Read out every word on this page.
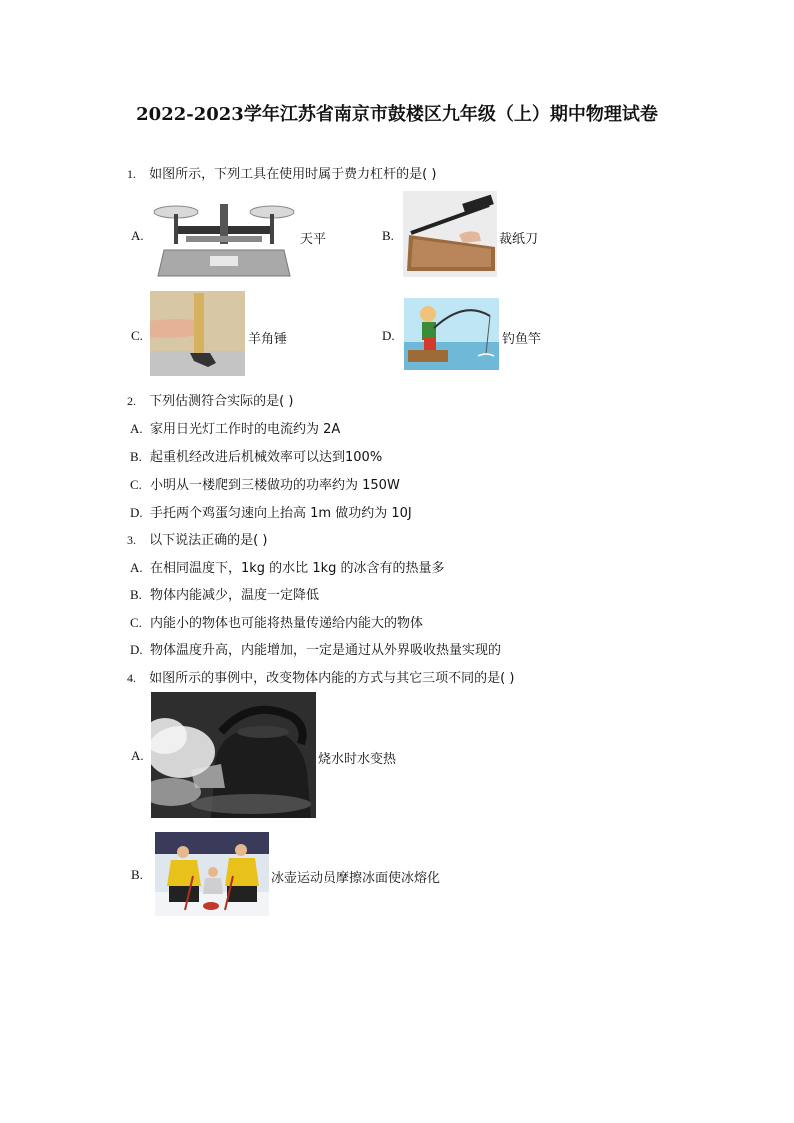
2022-2023学年江苏省南京市鼓楼区九年级（上）期中物理试卷
1. 如图所示，下列工具在使用时属于费力杠杆的是( )
A.	天平	B.	裁纸刀
C.	羊角锤	D.	钓鱼竿
2. 下列估测符合实际的是( )
A. 家用日光灯工作时的电流约为 2A
B. 起重机经改进后机械效率可以达到100%
C. 小明从一楼爬到三楼做功的功率约为 150W
D. 手托两个鸡蛋匀速向上抬高 1m 做功约为 10J
3. 以下说法正确的是( )
A. 在相同温度下，1kg 的水比 1kg 的冰含有的热量多
B. 物体内能减少，温度一定降低
C. 内能小的物体也可能将热量传递给内能大的物体
D. 物体温度升高，内能增加，一定是通过从外界吸收热量实现的
4. 如图所示的事例中，改变物体内能的方式与其它三项不同的是( )
A.	烧水时水变热
B.	冰壶运动员摩擦冰面使冰熔化
